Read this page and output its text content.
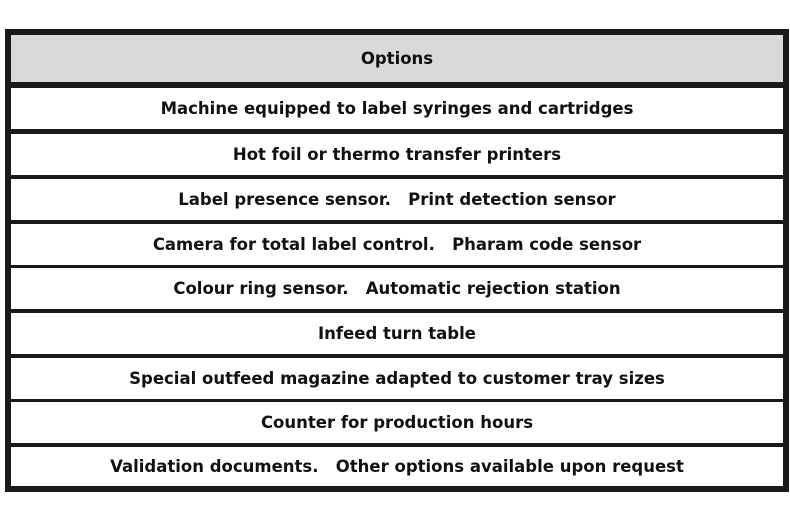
Options
Machine equipped to label syringes and cartridges
Hot foil or thermo transfer printers
Label presence sensor.   Print detection sensor
Camera for total label control.   Pharam code sensor
Colour ring sensor.   Automatic rejection station
Infeed turn table
Special outfeed magazine adapted to customer tray sizes
Counter for production hours
Validation documents.   Other options available upon request
